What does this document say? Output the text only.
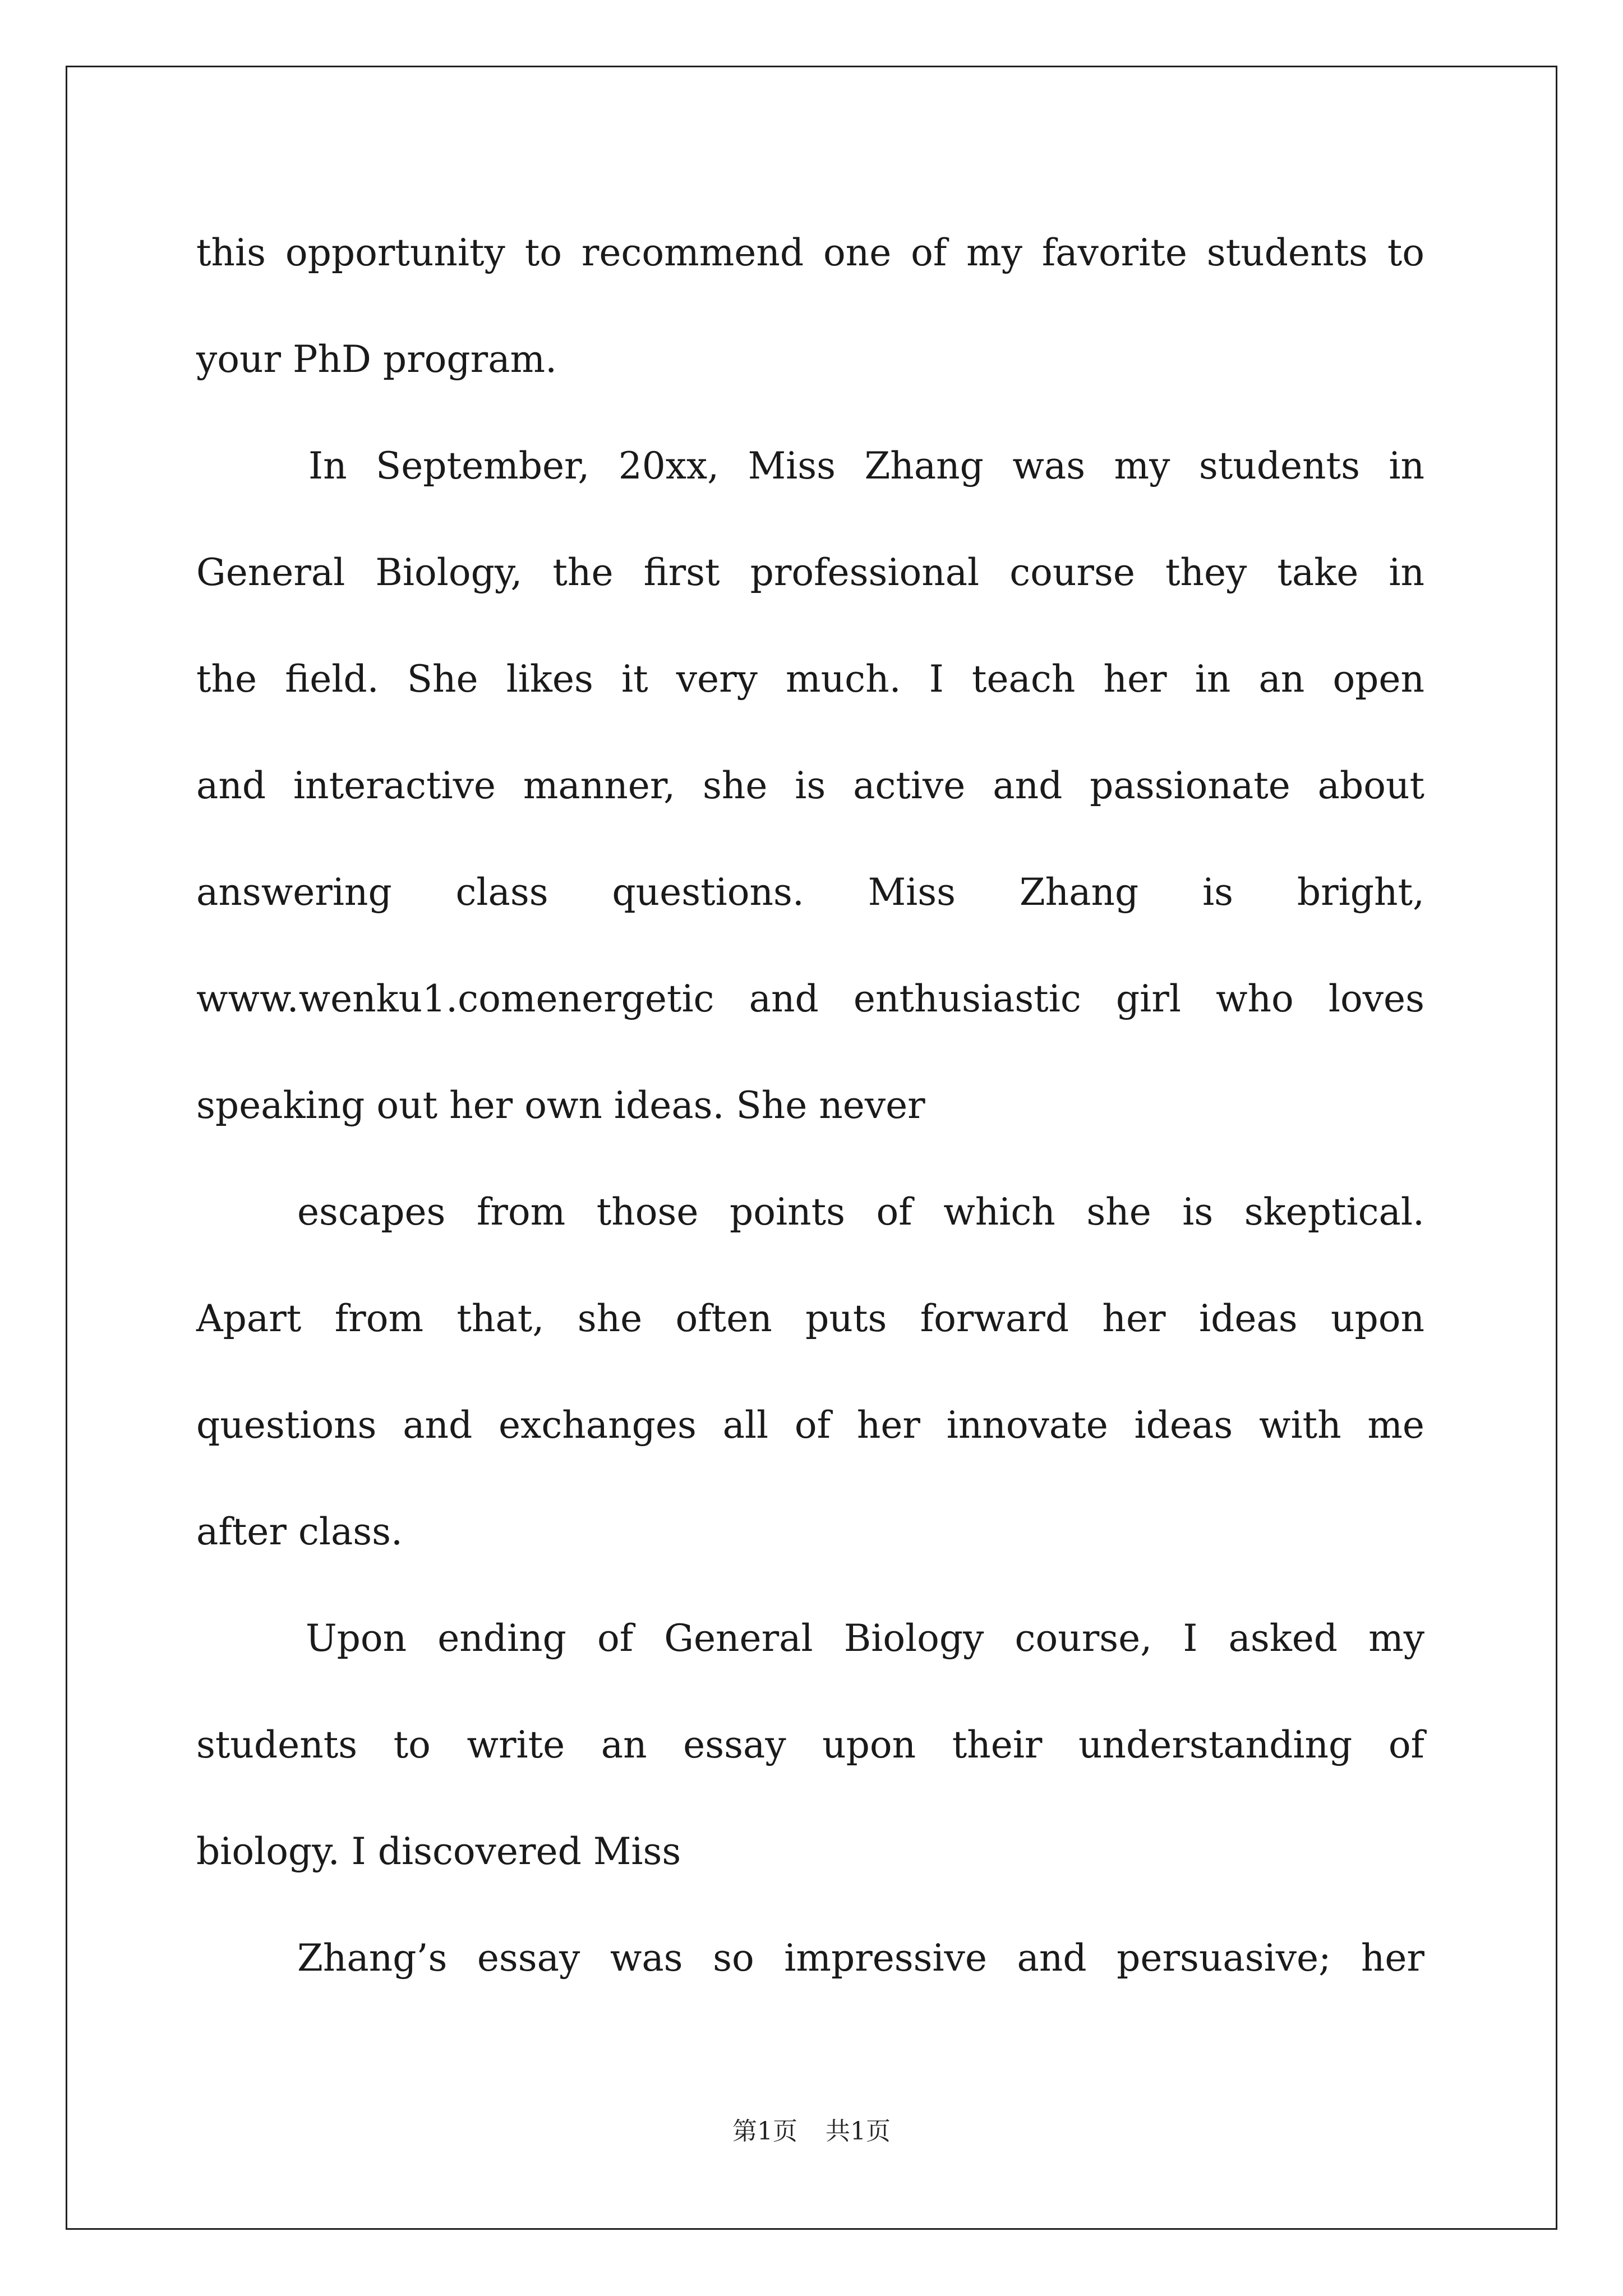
this opportunity to recommend one of my favorite students to
your PhD program.
In September, 20xx, Miss Zhang was my students in
General Biology, the first professional course they take in
the field. She likes it very much. I teach her in an open
and interactive manner, she is active and passionate about
answering class questions. Miss Zhang is bright,
www.wenku1.comenergetic and enthusiastic girl who loves
speaking out her own ideas. She never
escapes from those points of which she is skeptical.
Apart from that, she often puts forward her ideas upon
questions and exchanges all of her innovate ideas with me
after class.
Upon ending of General Biology course, I asked my
students to write an essay upon their understanding of
biology. I discovered Miss
Zhang’s essay was so impressive and persuasive; her
第1页 共1页
